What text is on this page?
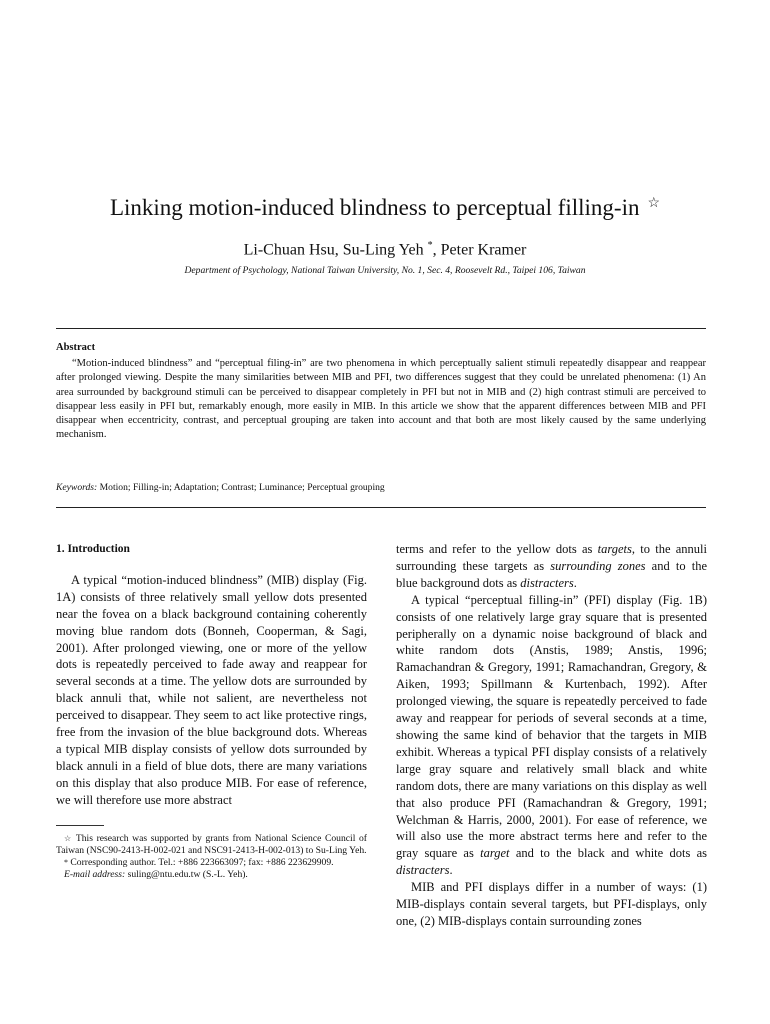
Linking motion-induced blindness to perceptual filling-in ☆
Li-Chuan Hsu, Su-Ling Yeh *, Peter Kramer
Department of Psychology, National Taiwan University, No. 1, Sec. 4, Roosevelt Rd., Taipei 106, Taiwan
Abstract

“Motion-induced blindness” and “perceptual filing-in” are two phenomena in which perceptually salient stimuli repeatedly disappear and reappear after prolonged viewing. Despite the many similarities between MIB and PFI, two differences suggest that they could be unrelated phenomena: (1) An area surrounded by background stimuli can be perceived to disappear completely in PFI but not in MIB and (2) high contrast stimuli are perceived to disappear less easily in PFI but, remarkably enough, more easily in MIB. In this article we show that the apparent differences between MIB and PFI disappear when eccentricity, contrast, and perceptual grouping are taken into account and that both are most likely caused by the same underlying mechanism.

Keywords: Motion; Filling-in; Adaptation; Contrast; Luminance; Perceptual grouping

1. Introduction

A typical “motion-induced blindness” (MIB) display (Fig. 1A) consists of three relatively small yellow dots presented near the fovea on a black background containing coherently moving blue random dots (Bonneh, Cooperman, & Sagi, 2001). After prolonged viewing, one or more of the yellow dots is repeatedly perceived to fade away and reappear for several seconds at a time. The yellow dots are surrounded by black annuli that, while not salient, are nevertheless not perceived to disappear. They seem to act like protective rings, free from the invasion of the blue background dots. Whereas a typical MIB display consists of yellow dots surrounded by black annuli in a field of blue dots, there are many variations on this display that also produce MIB. For ease of reference, we will therefore use more abstract

terms and refer to the yellow dots as targets, to the annuli surrounding these targets as surrounding zones and to the blue background dots as distracters.

A typical “perceptual filling-in” (PFI) display (Fig. 1B) consists of one relatively large gray square that is presented peripherally on a dynamic noise background of black and white random dots (Anstis, 1989; Anstis, 1996; Ramachandran & Gregory, 1991; Ramachandran, Gregory, & Aiken, 1993; Spillmann & Kurtenbach, 1992). After prolonged viewing, the square is repeatedly perceived to fade away and reappear for periods of several seconds at a time, showing the same kind of behavior that the targets in MIB exhibit. Whereas a typical PFI display consists of a relatively large gray square and relatively small black and white random dots, there are many variations on this display as well that also produce PFI (Ramachandran & Gregory, 1991; Welchman & Harris, 2000, 2001). For ease of reference, we will also use the more abstract terms here and refer to the gray square as target and to the black and white dots as distracters.

MIB and PFI displays differ in a number of ways: (1) MIB-displays contain several targets, but PFI-displays, only one, (2) MIB-displays contain surrounding zones

☆ This research was supported by grants from National Science Council of Taiwan (NSC90-2413-H-002-021 and NSC91-2413-H-002-013) to Su-Ling Yeh.

* Corresponding author. Tel.: +886 223663097; fax: +886 223629909.

E-mail address: suling@ntu.edu.tw (S.-L. Yeh).
